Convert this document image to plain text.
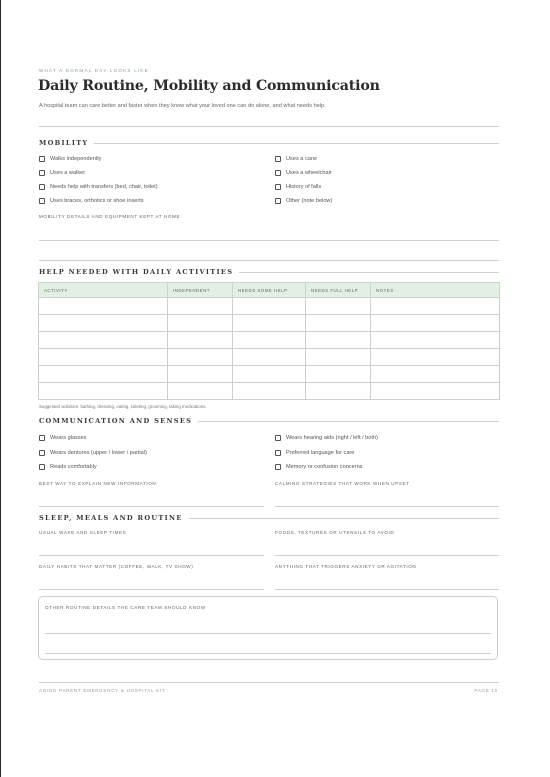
WHAT A NORMAL DAY LOOKS LIKE
Daily Routine, Mobility and Communication
A hospital team can care better and faster when they know what your loved one can do alone, and what needs help.
MOBILITY
Walks independently
Uses a walker
Needs help with transfers (bed, chair, toilet)
Uses braces, orthotics or shoe inserts
Uses a cane
Uses a wheelchair
History of falls
Other (note below)
MOBILITY DETAILS AND EQUIPMENT KEPT AT HOME
HELP NEEDED WITH DAILY ACTIVITIES
ACTIVITY	INDEPENDENT	NEEDS SOME HELP	NEEDS FULL HELP	NOTES

Suggested activities: bathing, dressing, eating, toileting, grooming, taking medications.
COMMUNICATION AND SENSES
Wears glasses
Wears dentures (upper / lower / partial)
Reads comfortably
Wears hearing aids (right / left / both)
Preferred language for care
Memory or confusion concerns
BEST WAY TO EXPLAIN NEW INFORMATION	CALMING STRATEGIES THAT WORK WHEN UPSET
SLEEP, MEALS AND ROUTINE
USUAL WAKE AND SLEEP TIMES	FOODS, TEXTURES OR UTENSILS TO AVOID
DAILY HABITS THAT MATTER (COFFEE, WALK, TV SHOW)	ANYTHING THAT TRIGGERS ANXIETY OR AGITATION
OTHER ROUTINE DETAILS THE CARE TEAM SHOULD KNOW
AGING PARENT EMERGENCY & HOSPITAL KIT	PAGE 10
